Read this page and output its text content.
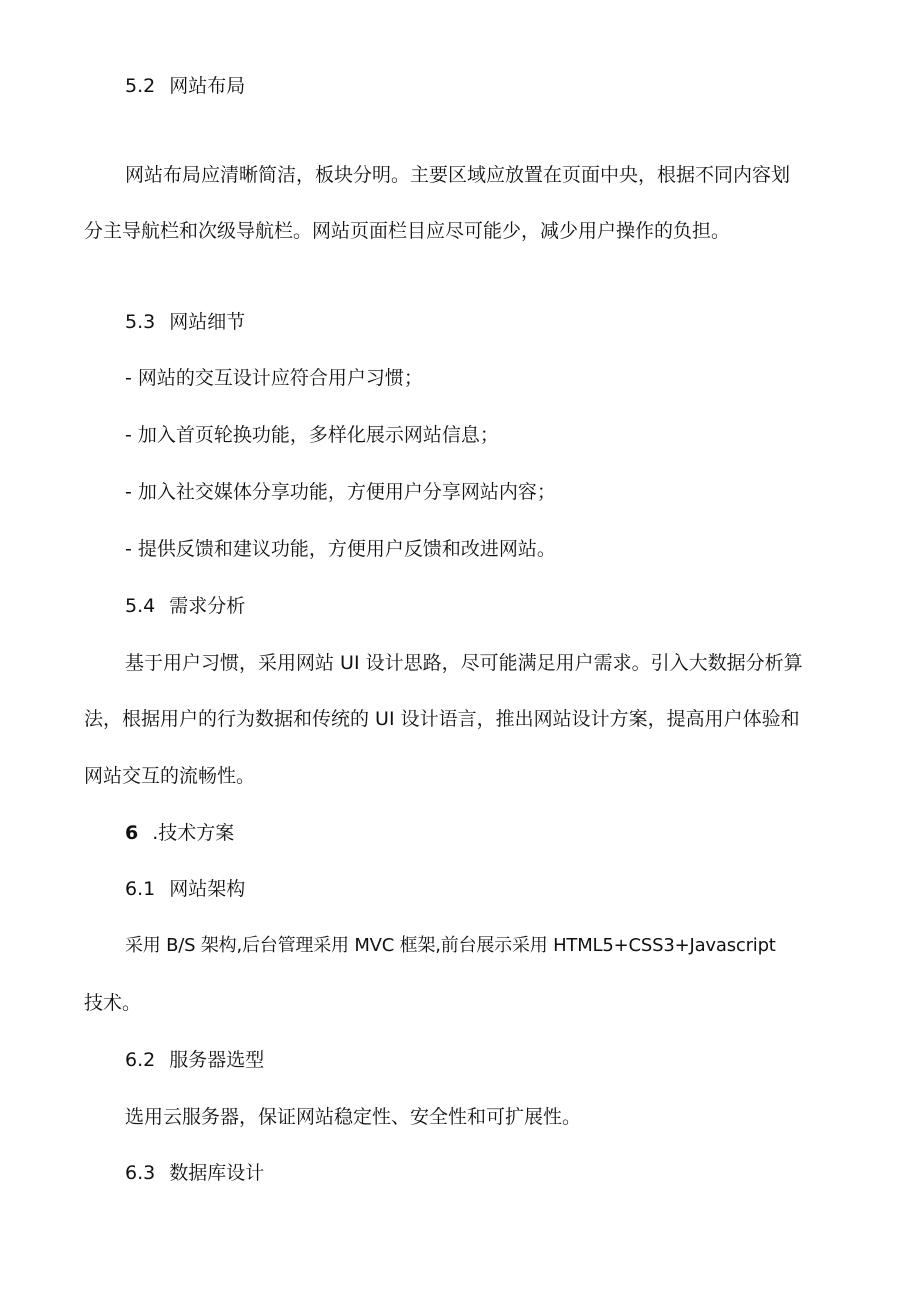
5.2 网站布局
网站布局应清晰简洁，板块分明。主要区域应放置在页面中央，根据不同内容划
分主导航栏和次级导航栏。网站页面栏目应尽可能少，减少用户操作的负担。
5.3 网站细节
- 网站的交互设计应符合用户习惯；
- 加入首页轮换功能，多样化展示网站信息；
- 加入社交媒体分享功能，方便用户分享网站内容；
- 提供反馈和建议功能，方便用户反馈和改进网站。
5.4 需求分析
基于用户习惯，采用网站 UI 设计思路，尽可能满足用户需求。引入大数据分析算
法，根据用户的行为数据和传统的 UI 设计语言，推出网站设计方案，提高用户体验和
网站交互的流畅性。
6 .技术方案
6.1 网站架构
采用 B/S 架构,后台管理采用 MVC 框架,前台展示采用 HTML5+CSS3+Javascript
技术。
6.2 服务器选型
选用云服务器，保证网站稳定性、安全性和可扩展性。
6.3 数据库设计
